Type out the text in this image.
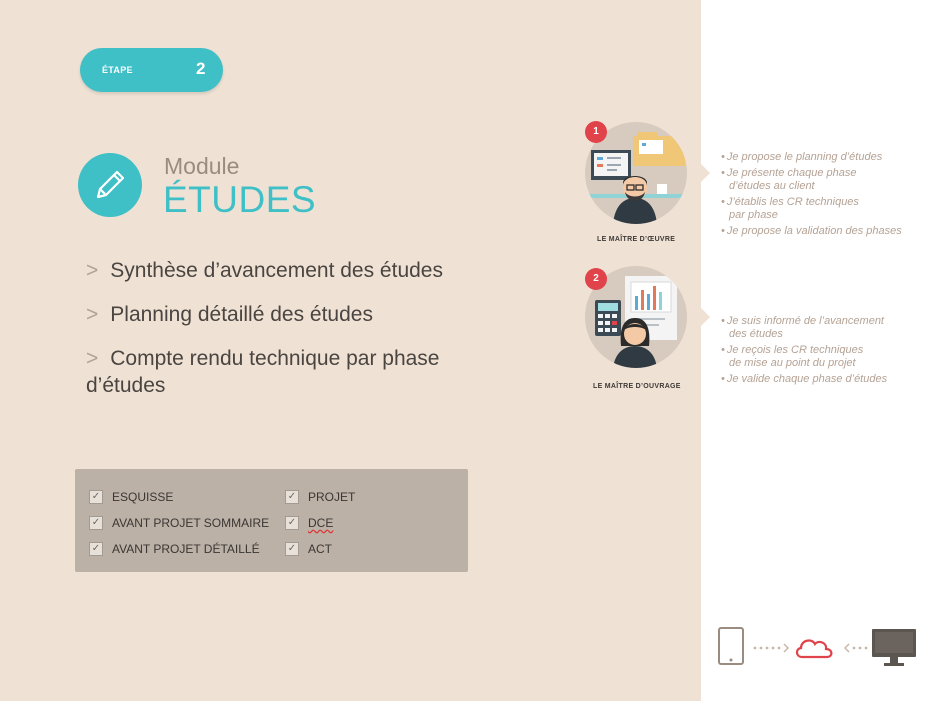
ÉTAPE	2
Module
ÉTUDES
> Synthèse d’avancement des études
> Planning détaillé des études
> Compte rendu technique par phase d’études
✓ ESQUISSE
✓ AVANT PROJET SOMMAIRE
✓ AVANT PROJET DÉTAILLÉ
✓ PROJET
✓ DCE
✓ ACT
1
LE MAÎTRE D’ŒUVRE
• Je propose le planning d’études
• Je présente chaque phase
d’études au client
• J’établis les CR techniques
par phase
• Je propose la validation des phases
2
LE MAÎTRE D’OUVRAGE
• Je suis informé de l’avancement
des études
• Je reçois les CR techniques
de mise au point du projet
• Je valide chaque phase d’études
